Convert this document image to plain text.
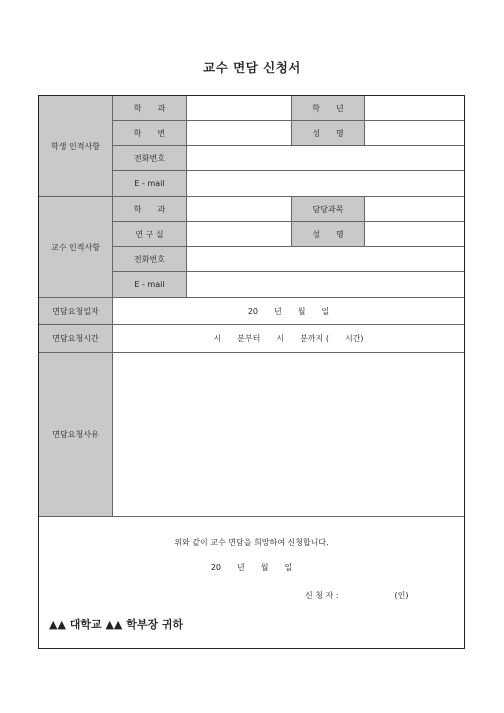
교수 면담 신청서
학생 인적사항
학　　과	학　　년
학　　번	성　　명
전화번호
E - mail
교수 인적사항
학　　과	담당과목
연 구 실	성　　명
전화번호
E - mail
면담요청일자	20　　년　　월　　일
면담요청시간	시　　분부터　　시　　분까지 (　　시간)
면담요청사유
위와 같이 교수 면담을 희망하여 신청합니다.
20　　년　　월　　일
신 청 자 :　　　　　　　(인)
▲▲ 대학교 ▲▲ 학부장 귀하
